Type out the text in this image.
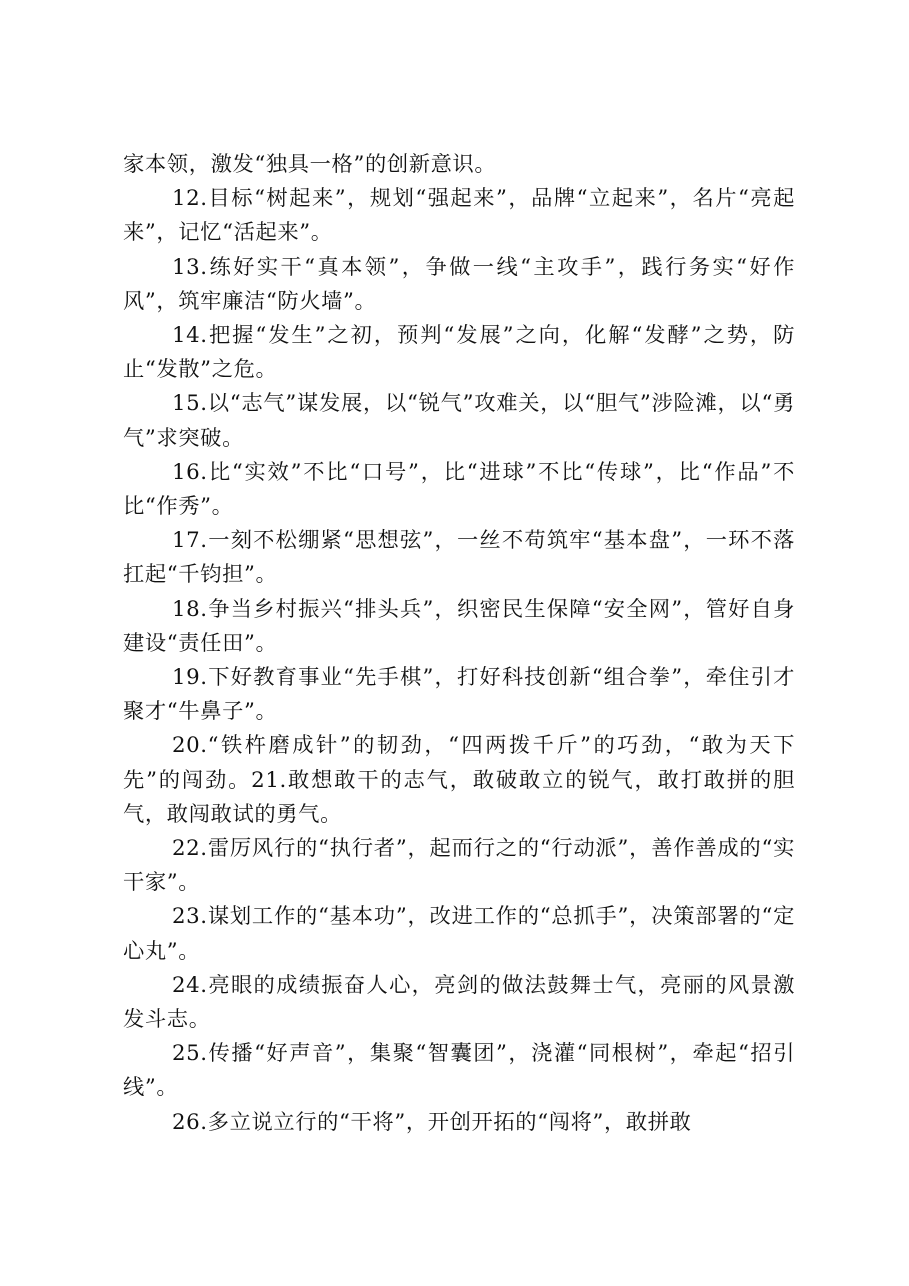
家本领，激发“独具一格”的创新意识。

12.目标“树起来”，规划“强起来”，品牌“立起来”，名片“亮起来”，记忆“活起来”。

13.练好实干“真本领”，争做一线“主攻手”，践行务实“好作风”，筑牢廉洁“防火墙”。

14.把握“发生”之初，预判“发展”之向，化解“发酵”之势，防止“发散”之危。

15.以“志气”谋发展，以“锐气”攻难关，以“胆气”涉险滩，以“勇气”求突破。

16.比“实效”不比“口号”，比“进球”不比“传球”，比“作品”不比“作秀”。

17.一刻不松绷紧“思想弦”，一丝不苟筑牢“基本盘”，一环不落扛起“千钧担”。

18.争当乡村振兴“排头兵”，织密民生保障“安全网”，管好自身建设“责任田”。

19.下好教育事业“先手棋”，打好科技创新“组合拳”，牵住引才聚才“牛鼻子”。

20.“铁杵磨成针”的韧劲，“四两拨千斤”的巧劲，“敢为天下先”的闯劲。21.敢想敢干的志气，敢破敢立的锐气，敢打敢拼的胆气，敢闯敢试的勇气。

22.雷厉风行的“执行者”，起而行之的“行动派”，善作善成的“实干家”。

23.谋划工作的“基本功”，改进工作的“总抓手”，决策部署的“定心丸”。

24.亮眼的成绩振奋人心，亮剑的做法鼓舞士气，亮丽的风景激发斗志。

25.传播“好声音”，集聚“智囊团”，浇灌“同根树”，牵起“招引线”。

26.多立说立行的“干将”，开创开拓的“闯将”，敢拼敢
